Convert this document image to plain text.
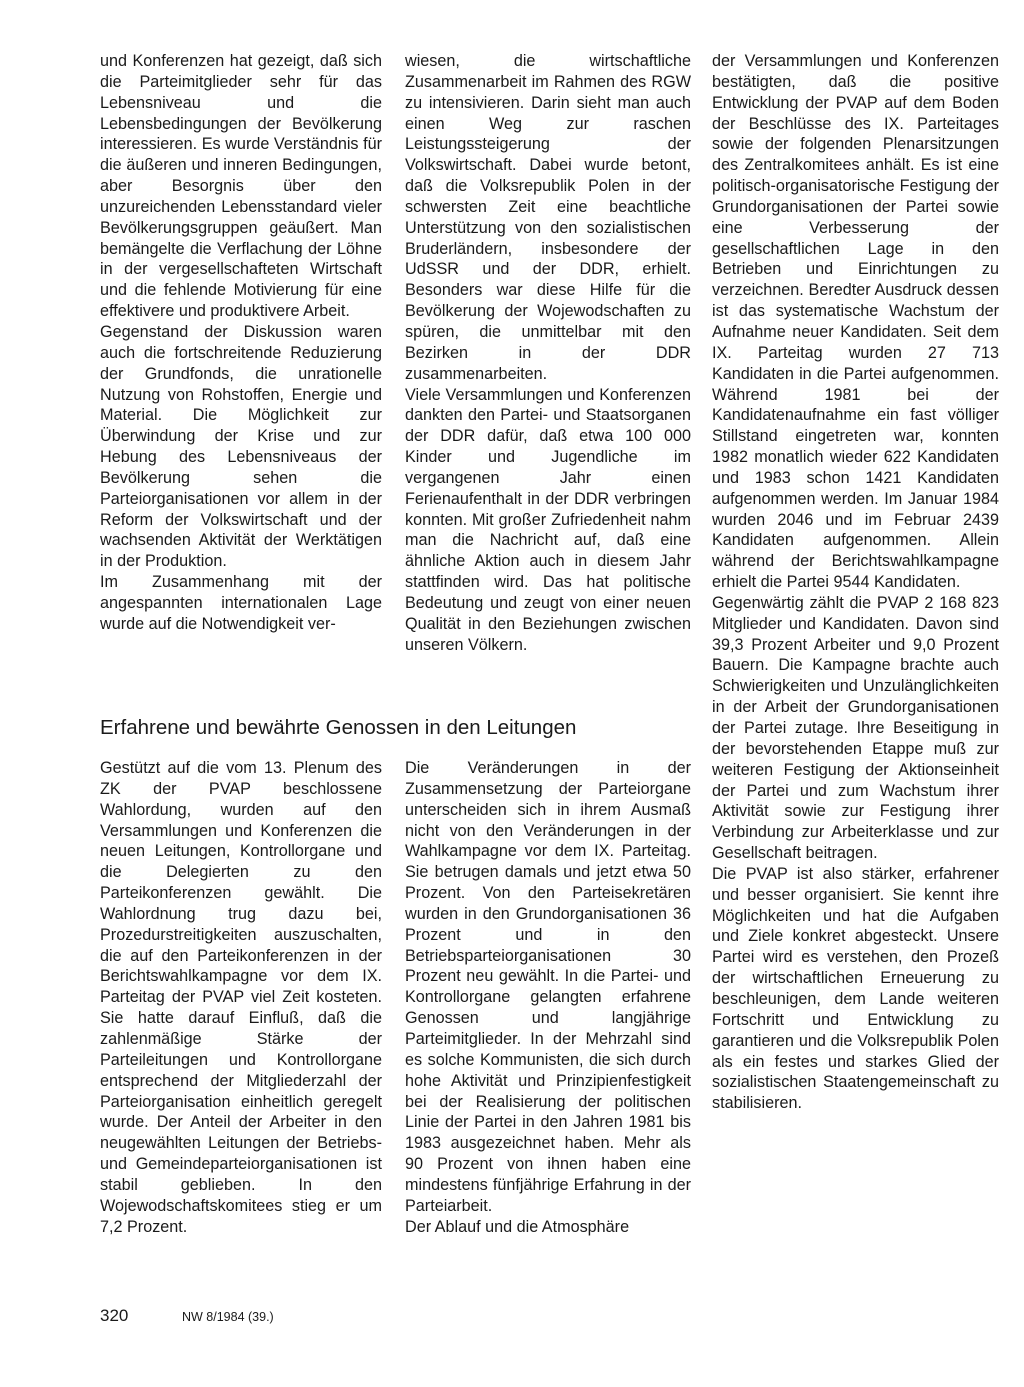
und Konferenzen hat gezeigt, daß sich die Parteimitglieder sehr für das Lebensniveau und die Lebensbedingungen der Bevölkerung interessieren. Es wurde Verständnis für die äußeren und inneren Bedingungen, aber Besorgnis über den unzureichenden Lebensstandard vieler Bevölkerungsgruppen geäußert. Man bemängelte die Verflachung der Löhne in der vergesellschafteten Wirtschaft und die fehlende Motivierung für eine effektivere und produktivere Arbeit.

Gegenstand der Diskussion waren auch die fortschreitende Reduzierung der Grundfonds, die unrationelle Nutzung von Rohstoffen, Energie und Material. Die Möglichkeit zur Überwindung der Krise und zur Hebung des Lebensniveaus der Bevölkerung sehen die Parteiorganisationen vor allem in der Reform der Volkswirtschaft und der wachsenden Aktivität der Werktätigen in der Produktion.

Im Zusammenhang mit der angespannten internationalen Lage wurde auf die Notwendigkeit ver-

wiesen, die wirtschaftliche Zusammenarbeit im Rahmen des RGW zu intensivieren. Darin sieht man auch einen Weg zur raschen Leistungssteigerung der Volkswirtschaft. Dabei wurde betont, daß die Volksrepublik Polen in der schwersten Zeit eine beachtliche Unterstützung von den sozialistischen Bruderländern, insbesondere der UdSSR und der DDR, erhielt. Besonders war diese Hilfe für die Bevölkerung der Wojewodschaften zu spüren, die unmittelbar mit den Bezirken in der DDR zusammenarbeiten.

Viele Versammlungen und Konferenzen dankten den Partei- und Staatsorganen der DDR dafür, daß etwa 100 000 Kinder und Jugendliche im vergangenen Jahr einen Ferienaufenthalt in der DDR verbringen konnten. Mit großer Zufriedenheit nahm man die Nachricht auf, daß eine ähnliche Aktion auch in diesem Jahr stattfinden wird. Das hat politische Bedeutung und zeugt von einer neuen Qualität in den Beziehungen zwischen unseren Völkern.

der Versammlungen und Konferenzen bestätigten, daß die positive Entwicklung der PVAP auf dem Boden der Beschlüsse des IX. Parteitages sowie der folgenden Plenarsitzungen des Zentralkomitees anhält. Es ist eine politisch-organisatorische Festigung der Grundorganisationen der Partei sowie eine Verbesserung der gesellschaftlichen Lage in den Betrieben und Einrichtungen zu verzeichnen. Beredter Ausdruck dessen ist das systematische Wachstum der Aufnahme neuer Kandidaten. Seit dem IX. Parteitag wurden 27 713 Kandidaten in die Partei aufgenommen. Während 1981 bei der Kandidatenaufnahme ein fast völliger Stillstand eingetreten war, konnten 1982 monatlich wieder 622 Kandidaten und 1983 schon 1421 Kandidaten aufgenommen werden. Im Januar 1984 wurden 2046 und im Februar 2439 Kandidaten aufgenommen. Allein während der Berichtswahlkampagne erhielt die Partei 9544 Kandidaten.

Gegenwärtig zählt die PVAP 2 168 823 Mitglieder und Kandidaten. Davon sind 39,3 Prozent Arbeiter und 9,0 Prozent Bauern. Die Kampagne brachte auch Schwierigkeiten und Unzulänglichkeiten in der Arbeit der Grundorganisationen der Partei zutage. Ihre Beseitigung in der bevorstehenden Etappe muß zur weiteren Festigung der Aktionseinheit der Partei und zum Wachstum ihrer Aktivität sowie zur Festigung ihrer Verbindung zur Arbeiterklasse und zur Gesellschaft beitragen.

Die PVAP ist also stärker, erfahrener und besser organisiert. Sie kennt ihre Möglichkeiten und hat die Aufgaben und Ziele konkret abgesteckt. Unsere Partei wird es verstehen, den Prozeß der wirtschaftlichen Erneuerung zu beschleunigen, dem Lande weiteren Fortschritt und Entwicklung zu garantieren und die Volksrepublik Polen als ein festes und starkes Glied der sozialistischen Staatengemeinschaft zu stabilisieren.

Erfahrene und bewährte Genossen in den Leitungen

Gestützt auf die vom 13. Plenum des ZK der PVAP beschlossene Wahlordung, wurden auf den Versammlungen und Konferenzen die neuen Leitungen, Kontrollorgane und die Delegierten zu den Parteikonferenzen gewählt. Die Wahlordnung trug dazu bei, Prozedurstreitigkeiten auszuschalten, die auf den Parteikonferenzen in der Berichtswahlkampagne vor dem IX. Parteitag der PVAP viel Zeit kosteten. Sie hatte darauf Einfluß, daß die zahlenmäßige Stärke der Parteileitungen und Kontrollorgane entsprechend der Mitgliederzahl der Parteiorganisation einheitlich geregelt wurde. Der Anteil der Arbeiter in den neugewählten Leitungen der Betriebs- und Gemeindeparteiorganisationen ist stabil geblieben. In den Wojewodschaftskomitees stieg er um 7,2 Prozent.

Die Veränderungen in der Zusammensetzung der Parteiorgane unterscheiden sich in ihrem Ausmaß nicht von den Veränderungen in der Wahlkampagne vor dem IX. Parteitag. Sie betrugen damals und jetzt etwa 50 Prozent. Von den Parteisekretären wurden in den Grundorganisationen 36 Prozent und in den Betriebsparteiorganisationen 30 Prozent neu gewählt. In die Partei- und Kontrollorgane gelangten erfahrene Genossen und langjährige Parteimitglieder. In der Mehrzahl sind es solche Kommunisten, die sich durch hohe Aktivität und Prinzipienfestigkeit bei der Realisierung der politischen Linie der Partei in den Jahren 1981 bis 1983 ausgezeichnet haben. Mehr als 90 Prozent von ihnen haben eine mindestens fünfjährige Erfahrung in der Parteiarbeit.

Der Ablauf und die Atmosphäre

320	NW 8/1984 (39.)
